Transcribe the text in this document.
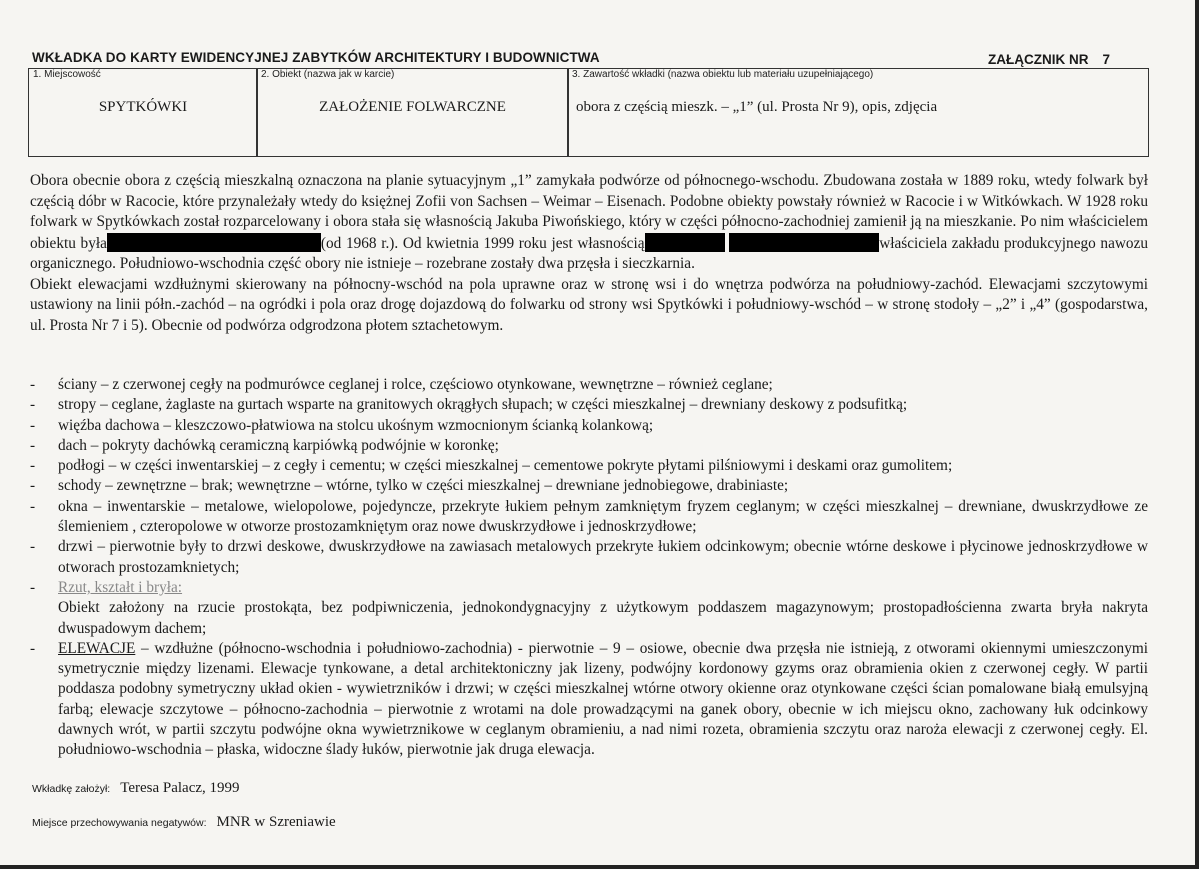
WKŁADKA DO KARTY EWIDENCYJNEJ ZABYTKÓW ARCHITEKTURY I BUDOWNICTWA	ZAŁĄCZNIK NR 7
1. Miejscowość
SPYTKÓWKI
2. Obiekt (nazwa jak w karcie)
ZAŁOŻENIE FOLWARCZNE
3. Zawartość wkładki (nazwa obiektu lub materiału uzupełniającego)
obora z częścią mieszk. – „1” (ul. Prosta Nr 9), opis, zdjęcia

Obora obecnie obora z częścią mieszkalną oznaczona na planie sytuacyjnym „1” zamykała podwórze od północnego-wschodu. Zbudowana została w 1889 roku, wtedy folwark był częścią dóbr w Racocie, które przynależały wtedy do księżnej Zofii von Sachsen – Weimar – Eisenach. Podobne obiekty powstały również w Racocie i w Witkówkach. W 1928 roku folwark w Spytkówkach został rozparcelowany i obora stała się własnością Jakuba Piwońskiego, który w części północno-zachodniej zamienił ją na mieszkanie. Po nim właścicielem obiektu była	(od 1968 r.). Od kwietnia 1999 roku jest własnością	właściciela zakładu produkcyjnego nawozu organicznego. Południowo-wschodnia część obory nie istnieje – rozebrane zostały dwa przęsła i sieczkarnia.

Obiekt elewacjami wzdłużnymi skierowany na północny-wschód na pola uprawne oraz w stronę wsi i do wnętrza podwórza na południowy-zachód. Elewacjami szczytowymi ustawiony na linii półn.-zachód – na ogródki i pola oraz drogę dojazdową do folwarku od strony wsi Spytkówki i południowy-wschód – w stronę stodoły – „2” i „4” (gospodarstwa, ul. Prosta Nr 7 i 5). Obecnie od podwórza odgrodzona płotem sztachetowym.

- ściany – z czerwonej cegły na podmurówce ceglanej i rolce, częściowo otynkowane, wewnętrzne – również ceglane;
- stropy – ceglane, żaglaste na gurtach wsparte na granitowych okrągłych słupach; w części mieszkalnej – drewniany deskowy z podsufitką;
- więźba dachowa – kleszczowo-płatwiowa na stolcu ukośnym wzmocnionym ścianką kolankową;
- dach – pokryty dachówką ceramiczną karpiówką podwójnie w koronkę;
- podłogi – w części inwentarskiej – z cegły i cementu; w części mieszkalnej – cementowe pokryte płytami pilśniowymi i deskami oraz gumolitem;
- schody – zewnętrzne – brak; wewnętrzne – wtórne, tylko w części mieszkalnej – drewniane jednobiegowe, drabiniaste;
- okna – inwentarskie – metalowe, wielopolowe, pojedyncze, przekryte łukiem pełnym zamkniętym fryzem ceglanym; w części mieszkalnej – drewniane, dwuskrzydłowe ze ślemieniem , czteropolowe w otworze prostozamkniętym oraz nowe dwuskrzydłowe i jednoskrzydłowe;
- drzwi – pierwotnie były to drzwi deskowe, dwuskrzydłowe na zawiasach metalowych przekryte łukiem odcinkowym; obecnie wtórne deskowe i płycinowe jednoskrzydłowe w otworach prostozamknietych;
- Rzut, kształt i bryła:
Obiekt założony na rzucie prostokąta, bez podpiwniczenia, jednokondygnacyjny z użytkowym poddaszem magazynowym; prostopadłościenna zwarta bryła nakryta dwuspadowym dachem;
- ELEWACJE – wzdłużne (północno-wschodnia i południowo-zachodnia) - pierwotnie – 9 – osiowe, obecnie dwa przęsła nie istnieją, z otworami okiennymi umieszczonymi symetrycznie między lizenami. Elewacje tynkowane, a detal architektoniczny jak lizeny, podwójny kordonowy gzyms oraz obramienia okien z czerwonej cegły. W partii poddasza podobny symetryczny układ okien - wywietrzników i drzwi; w części mieszkalnej wtórne otwory okienne oraz otynkowane części ścian pomalowane białą emulsyjną farbą; elewacje szczytowe – północno-zachodnia – pierwotnie z wrotami na dole prowadzącymi na ganek obory, obecnie w ich miejscu okno, zachowany łuk odcinkowy dawnych wrót, w partii szczytu podwójne okna wywietrznikowe w ceglanym obramieniu, a nad nimi rozeta, obramienia szczytu oraz naroża elewacji z czerwonej cegły. El. południowo-wschodnia – płaska, widoczne ślady łuków, pierwotnie jak druga elewacja.
Wkładkę założył: Teresa Palacz, 1999
Miejsce przechowywania negatywów: MNR w Szreniawie
